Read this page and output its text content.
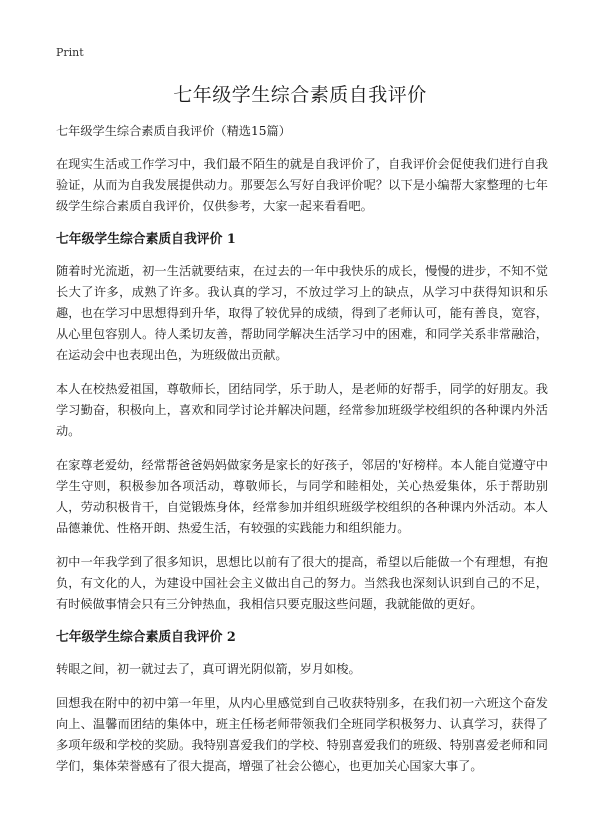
Print
七年级学生综合素质自我评价
七年级学生综合素质自我评价（精选15篇）

在现实生活或工作学习中，我们最不陌生的就是自我评价了，自我评价会促使我们进行自我验证，从而为自我发展提供动力。那要怎么写好自我评价呢？以下是小编帮大家整理的七年级学生综合素质自我评价，仅供参考，大家一起来看看吧。

七年级学生综合素质自我评价 1

随着时光流逝，初一生活就要结束，在过去的一年中我快乐的成长，慢慢的进步，不知不觉长大了许多，成熟了许多。我认真的学习，不放过学习上的缺点，从学习中获得知识和乐趣，也在学习中思想得到升华，取得了较优异的成绩，得到了老师认可，能有善良，宽容，从心里包容别人。待人柔切友善，帮助同学解决生活学习中的困难，和同学关系非常融洽，在运动会中也表现出色，为班级做出贡献。

本人在校热爱祖国，尊敬师长，团结同学，乐于助人，是老师的好帮手，同学的好朋友。我学习勤奋，积极向上，喜欢和同学讨论并解决问题，经常参加班级学校组织的各种课内外活动。

在家尊老爱幼，经常帮爸爸妈妈做家务是家长的好孩子，邻居的'好榜样。本人能自觉遵守中学生守则，积极参加各项活动，尊敬师长，与同学和睦相处，关心热爱集体，乐于帮助别人，劳动积极肯干，自觉锻炼身体，经常参加并组织班级学校组织的各种课内外活动。本人品德兼优、性格开朗、热爱生活，有较强的实践能力和组织能力。

初中一年我学到了很多知识，思想比以前有了很大的提高，希望以后能做一个有理想，有抱负，有文化的人，为建设中国社会主义做出自己的努力。当然我也深刻认识到自己的不足，有时候做事情会只有三分钟热血，我相信只要克服这些问题，我就能做的更好。

七年级学生综合素质自我评价 2

转眼之间，初一就过去了，真可谓光阴似箭，岁月如梭。

回想我在附中的初中第一年里，从内心里感觉到自己收获特别多，在我们初一六班这个奋发向上、温馨而团结的集体中，班主任杨老师带领我们全班同学积极努力、认真学习，获得了多项年级和学校的奖励。我特别喜爱我们的学校、特别喜爱我们的班级、特别喜爱老师和同学们，集体荣誉感有了很大提高，增强了社会公德心，也更加关心国家大事了。
